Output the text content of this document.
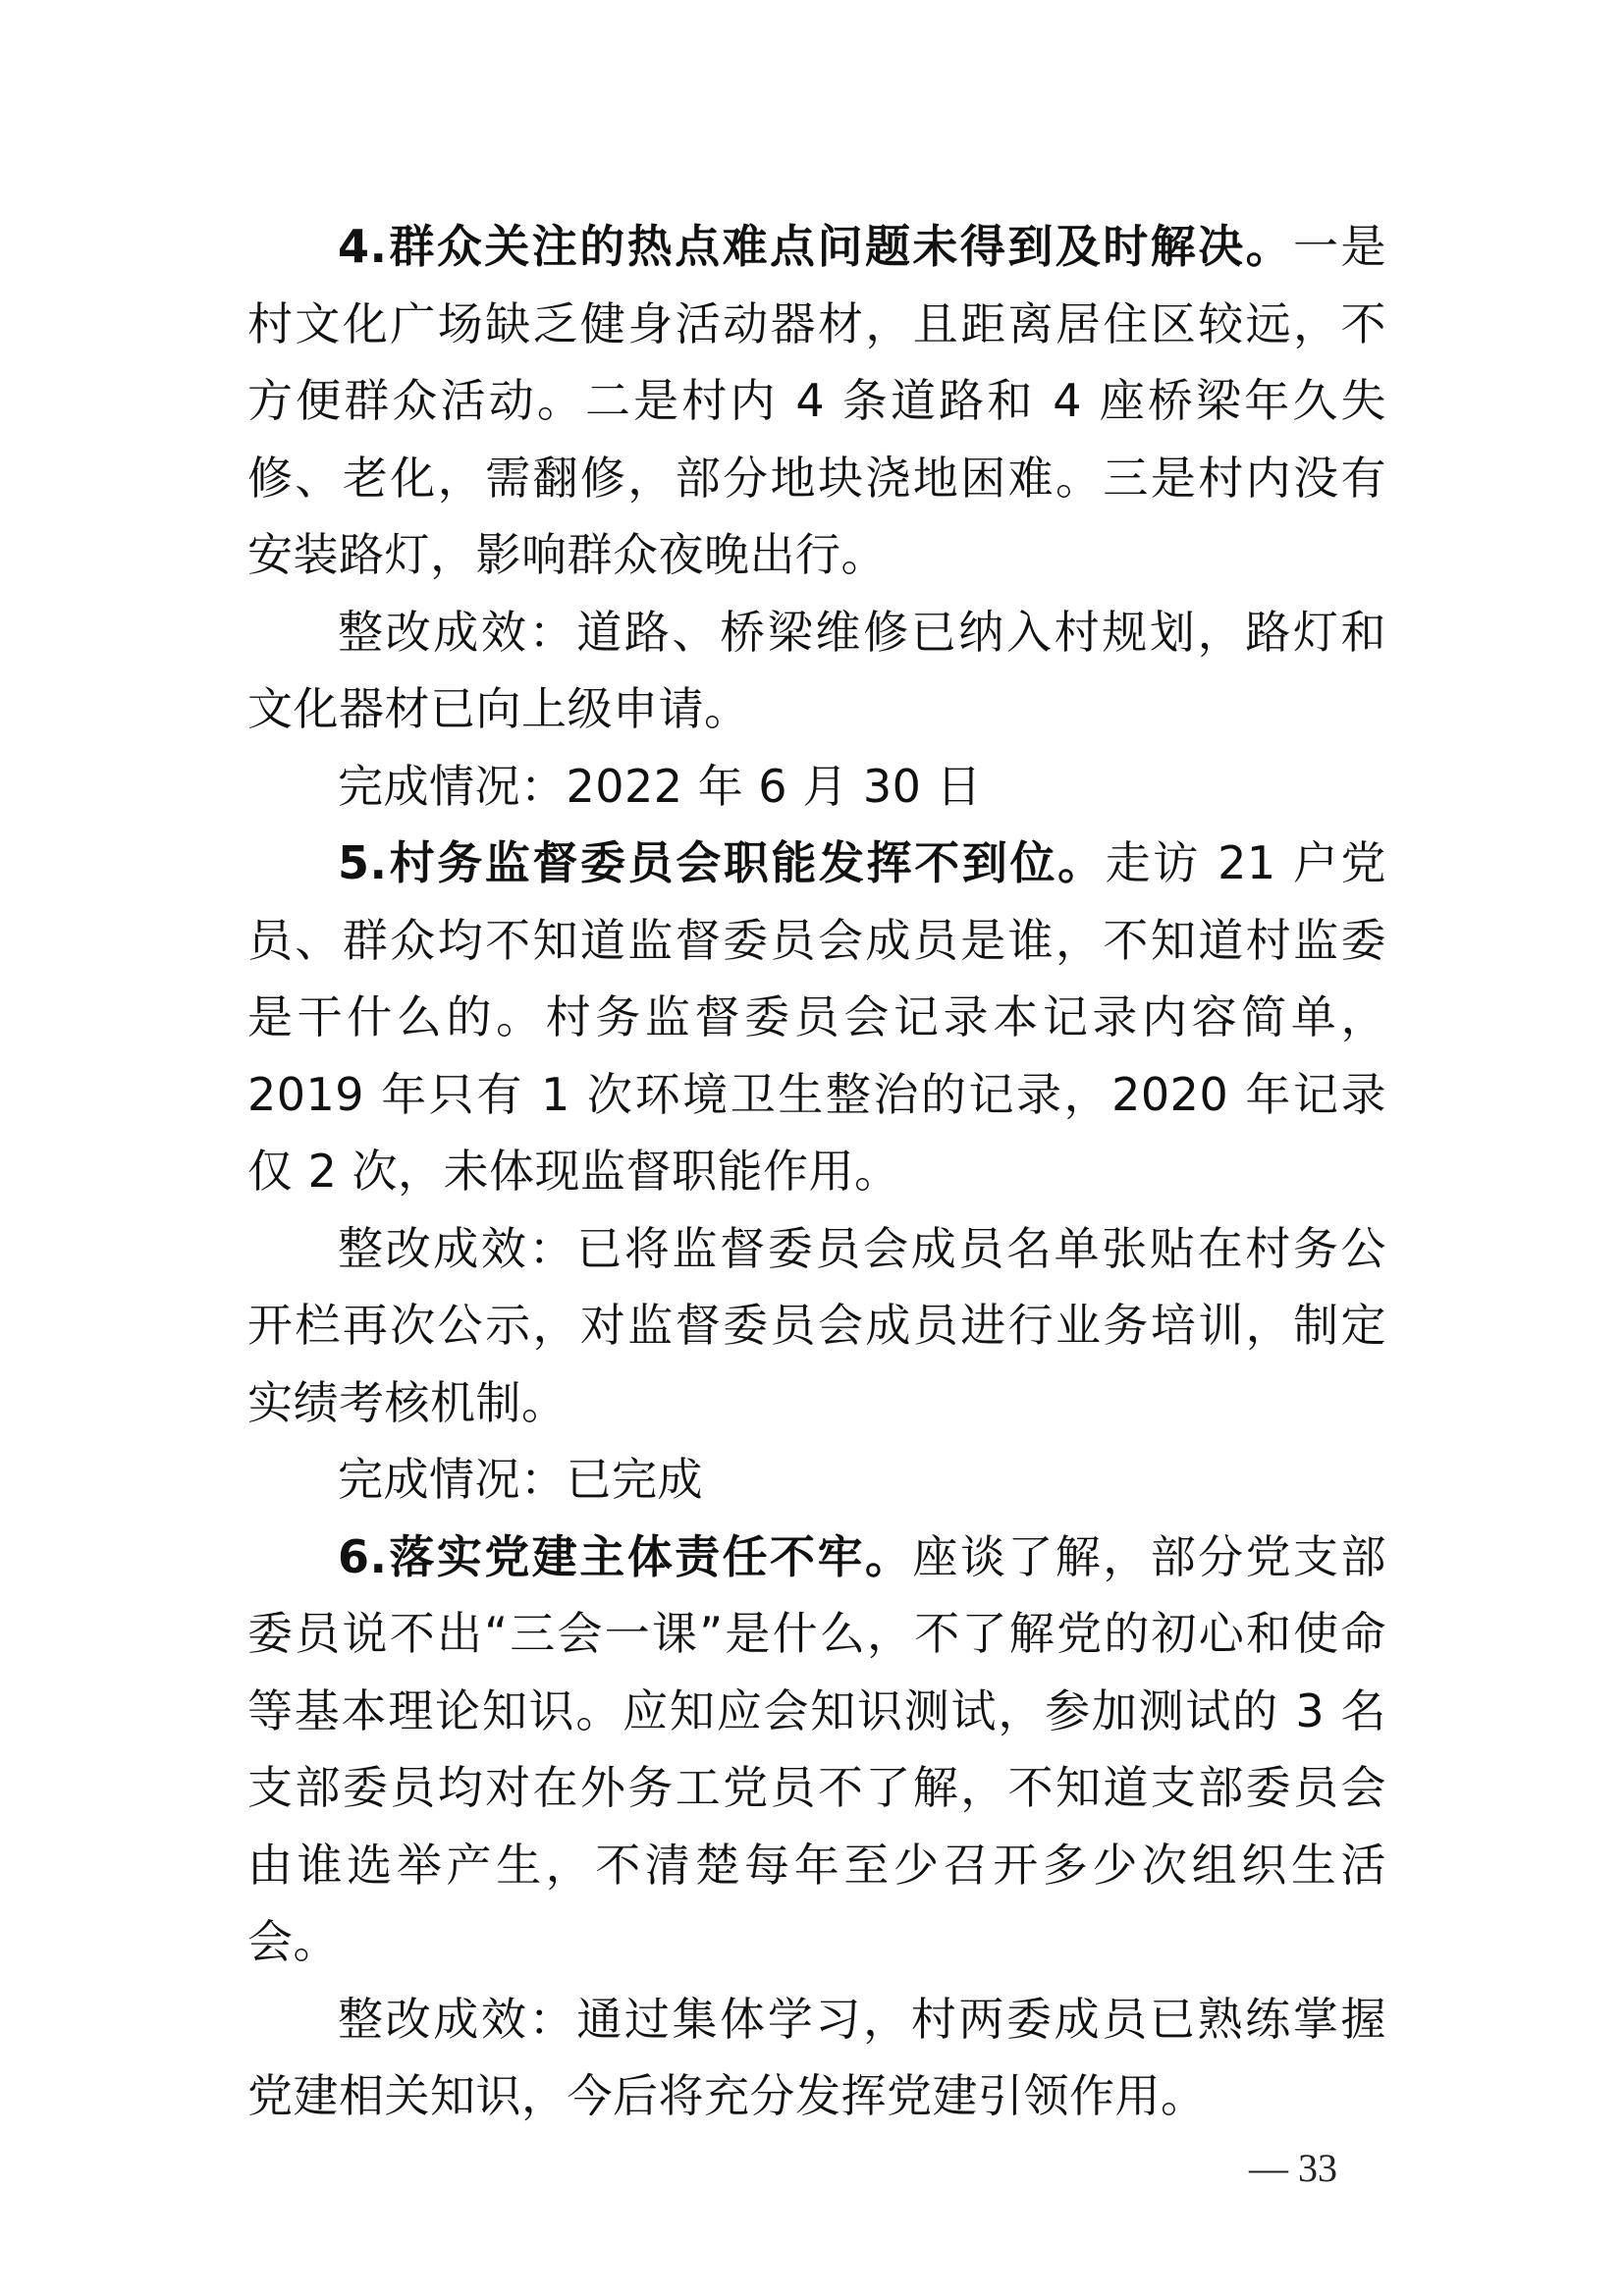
4.群众关注的热点难点问题未得到及时解决。一是村文化广场缺乏健身活动器材，且距离居住区较远，不方便群众活动。二是村内 4 条道路和 4 座桥梁年久失修、老化，需翻修，部分地块浇地困难。三是村内没有安装路灯，影响群众夜晚出行。

整改成效：道路、桥梁维修已纳入村规划，路灯和文化器材已向上级申请。

完成情况：2022 年 6 月 30 日

5.村务监督委员会职能发挥不到位。走访 21 户党员、群众均不知道监督委员会成员是谁，不知道村监委是干什么的。村务监督委员会记录本记录内容简单，2019 年只有 1 次环境卫生整治的记录，2020 年记录仅 2 次，未体现监督职能作用。

整改成效：已将监督委员会成员名单张贴在村务公开栏再次公示，对监督委员会成员进行业务培训，制定实绩考核机制。

完成情况：已完成

6.落实党建主体责任不牢。座谈了解，部分党支部委员说不出“三会一课”是什么，不了解党的初心和使命等基本理论知识。应知应会知识测试，参加测试的 3 名支部委员均对在外务工党员不了解，不知道支部委员会由谁选举产生，不清楚每年至少召开多少次组织生活会。

整改成效：通过集体学习，村两委成员已熟练掌握党建相关知识，今后将充分发挥党建引领作用。

— 33
